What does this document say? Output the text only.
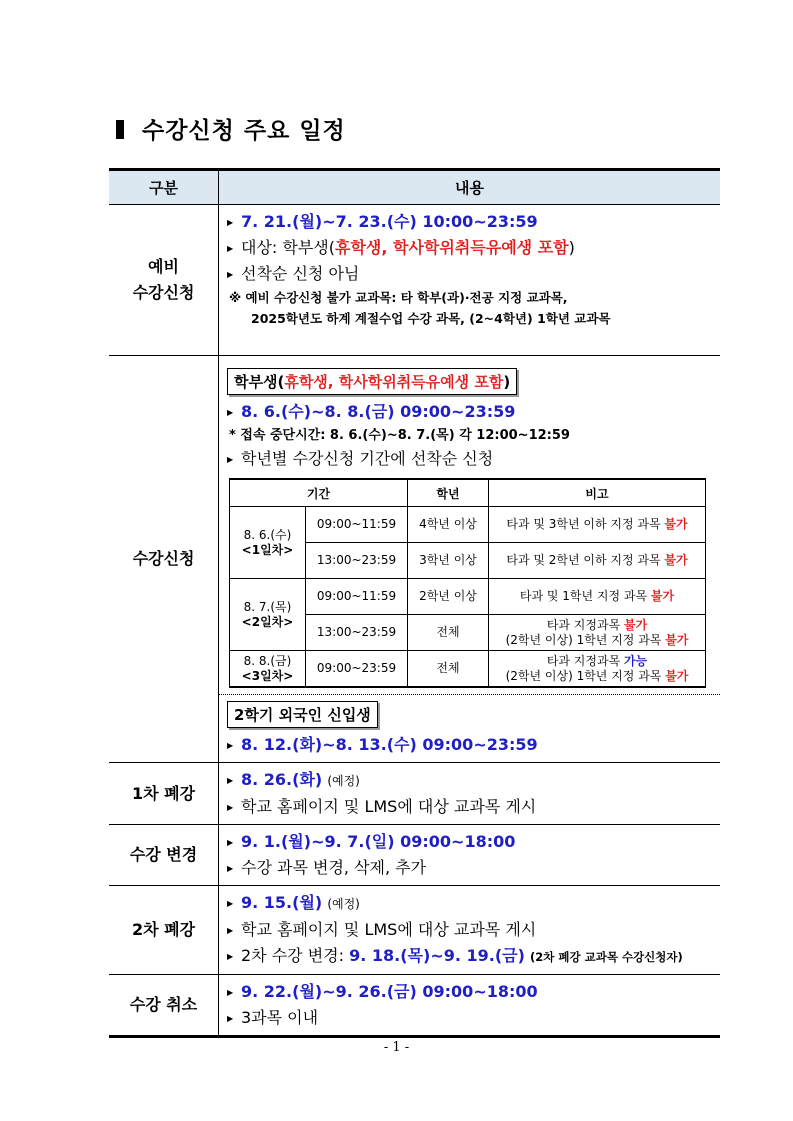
수강신청 주요 일정
구분	내용

예비
수강신청

▶ 7. 21.(월)~7. 23.(수) 10:00~23:59
▶ 대상: 학부생(휴학생, 학사학위취득유예생 포함)
▶ 선착순 신청 아님
※ 예비 수강신청 불가 교과목: 타 학부(과)·전공 지정 교과목,
2025학년도 하계 계절수업 수강 과목, (2~4학년) 1학년 교과목

수강신청	학부생(휴학생, 학사학위취득유예생 포함)
▶ 8. 6.(수)~8. 8.(금) 09:00~23:59
* 접속 중단시간: 8. 6.(수)~8. 7.(목) 각 12:00~12:59
▶ 학년별 수강신청 기간에 선착순 신청
기간	학년	비고

8. 6.(수)
<1일차>	09:00~11:59	4학년 이상	타과 및 3학년 이하 지정 과목 불가
13:00~23:59	3학년 이상	타과 및 2학년 이하 지정 과목 불가

8. 7.(목)
<2일차>	09:00~11:59	2학년 이상	타과 및 1학년 지정 과목 불가
13:00~23:59	전체	
타과 지정과목 불가
(2학년 이상) 1학년 지정 과목 불가

8. 8.(금)
<3일차>	09:00~23:59	전체	
타과 지정과목 가능
(2학년 이상) 1학년 지정 과목 불가
2학기 외국인 신입생
▶ 8. 12.(화)~8. 13.(수) 09:00~23:59

1차 폐강	
▶ 8. 26.(화) (예정)
▶ 학교 홈페이지 및 LMS에 대상 교과목 게시

수강 변경	
▶ 9. 1.(월)~9. 7.(일) 09:00~18:00
▶ 수강 과목 변경, 삭제, 추가

2차 폐강	
▶ 9. 15.(월) (예정)
▶ 학교 홈페이지 및 LMS에 대상 교과목 게시
▶ 2차 수강 변경: 9. 18.(목)~9. 19.(금) (2차 폐강 교과목 수강신청자)

수강 취소	
▶ 9. 22.(월)~9. 26.(금) 09:00~18:00
▶ 3과목 이내
- 1 -
